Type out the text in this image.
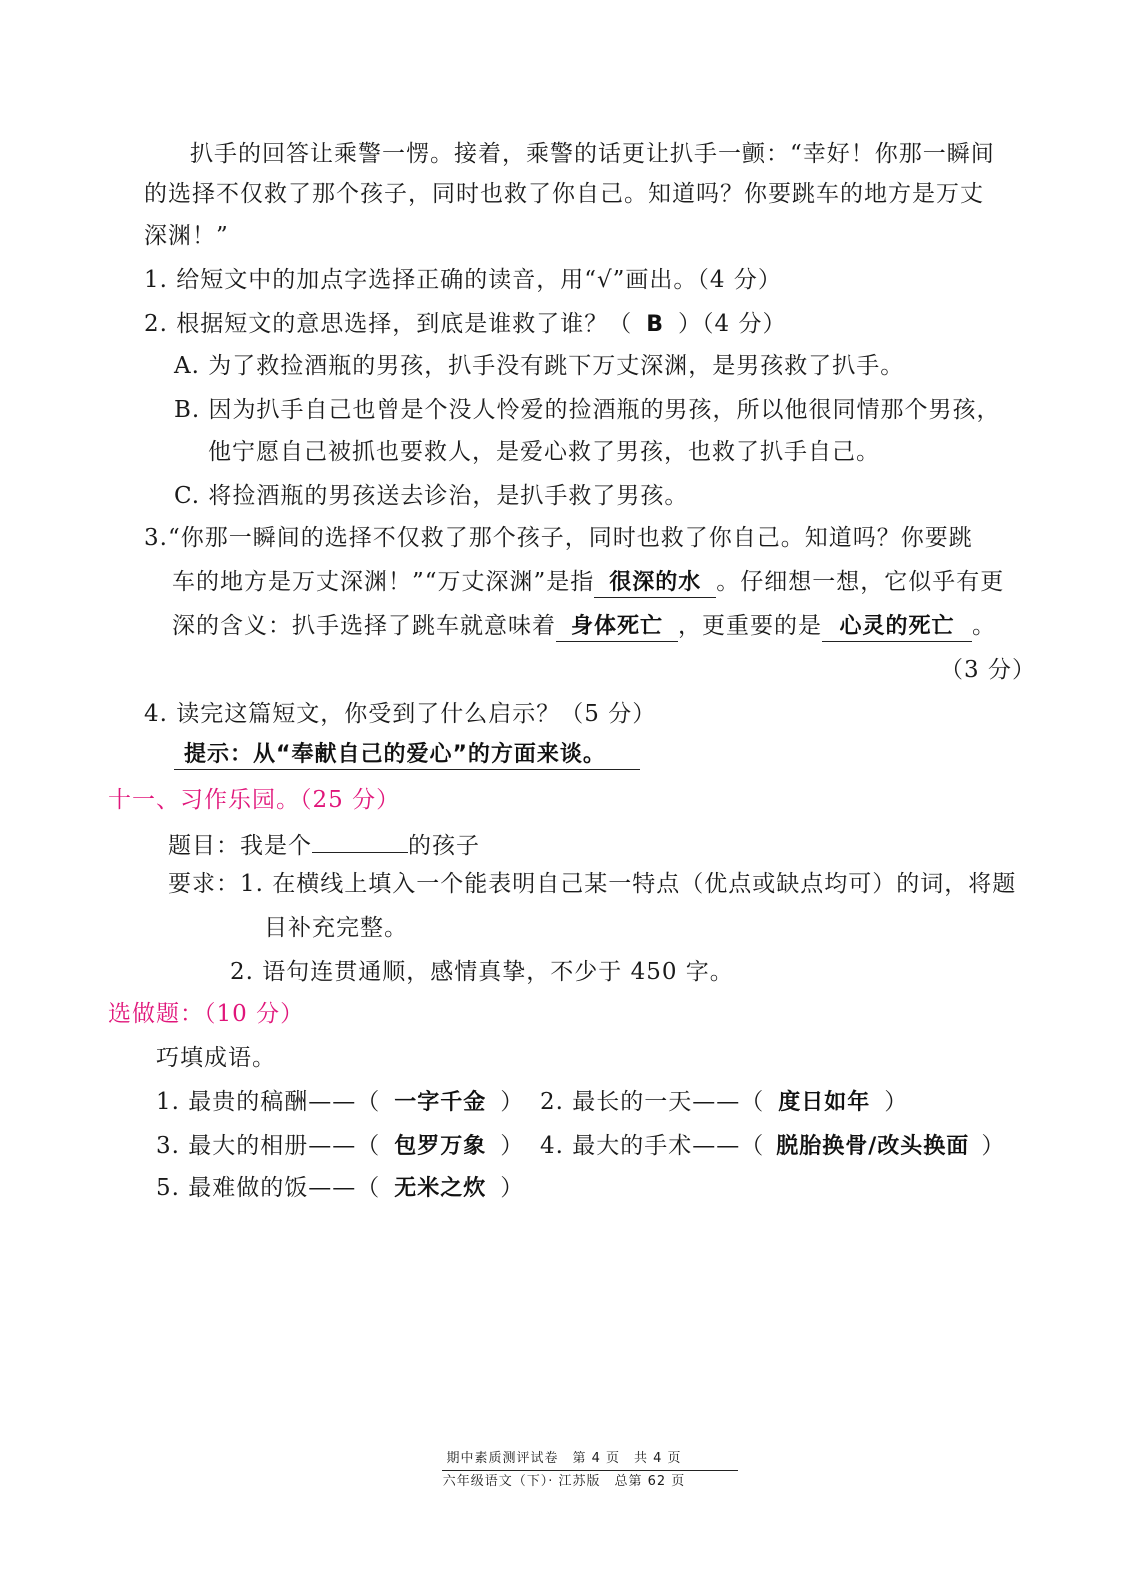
扒手的回答让乘警一愣。接着，乘警的话更让扒手一颤：“幸好！你那一瞬间
的选择不仅救了那个孩子，同时也救了你自己。知道吗？你要跳车的地方是万丈
深渊！”
1. 给短文中的加点字选择正确的读音，用“√”画出。（4 分）
2. 根据短文的意思选择，到底是谁救了谁？（ B ）（4 分）
A. 为了救捡酒瓶的男孩，扒手没有跳下万丈深渊，是男孩救了扒手。
B. 因为扒手自己也曾是个没人怜爱的捡酒瓶的男孩，所以他很同情那个男孩，
他宁愿自己被抓也要救人，是爱心救了男孩，也救了扒手自己。
C. 将捡酒瓶的男孩送去诊治，是扒手救了男孩。
3.“你那一瞬间的选择不仅救了那个孩子，同时也救了你自己。知道吗？你要跳
车的地方是万丈深渊！”“万丈深渊”是指 很深的水 。仔细想一想，它似乎有更
深的含义：扒手选择了跳车就意味着 身体死亡 ，更重要的是 心灵的死亡 。
（3 分）
4. 读完这篇短文，你受到了什么启示？（5 分）
提示：从“奉献自己的爱心”的方面来谈。
十一、习作乐园。（25 分）
题目：我是个	的孩子
要求：1. 在横线上填入一个能表明自己某一特点（优点或缺点均可）的词，将题
目补充完整。
2. 语句连贯通顺，感情真挚，不少于 450 字。
选做题：（10 分）
巧填成语。
1. 最贵的稿酬——（ 一字千金 ） 2. 最长的一天——（ 度日如年 ）
3. 最大的相册——（ 包罗万象 ） 4. 最大的手术——（ 脱胎换骨/改头换面 ）
5. 最难做的饭——（ 无米之炊 ）
期中素质测评试卷　第 4 页　共 4 页
六年级语文（下）· 江苏版　总第 62 页
